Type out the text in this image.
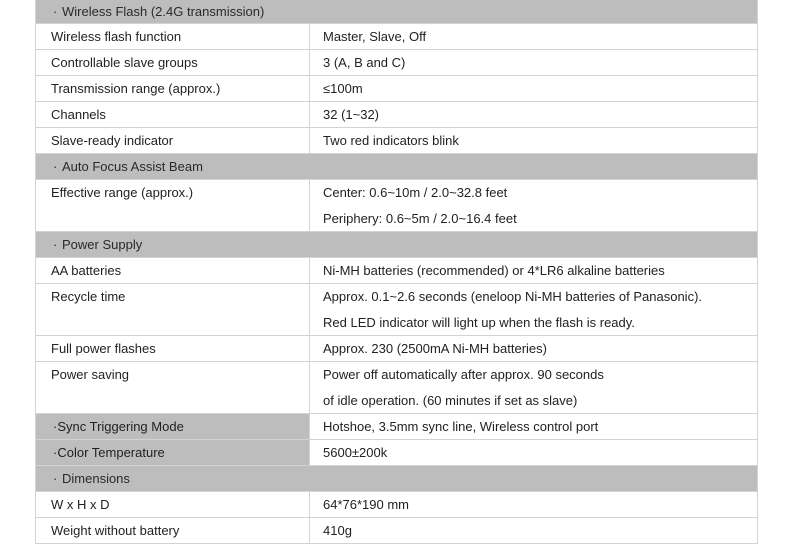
· Wireless Flash (2.4G transmission)
Wireless flash function	Master, Slave, Off
Controllable slave groups	3 (A, B and C)
Transmission range (approx.)	≤100m
Channels	32 (1~32)
Slave-ready indicator	Two red indicators blink
· Auto Focus Assist Beam
Effective range (approx.)	Center: 0.6~10m / 2.0~32.8 feet
Periphery: 0.6~5m / 2.0~16.4 feet
· Power Supply
AA batteries	Ni-MH batteries (recommended) or 4*LR6 alkaline batteries
Recycle time	Approx. 0.1~2.6 seconds (eneloop Ni-MH batteries of Panasonic).
Red LED indicator will light up when the flash is ready.
Full power flashes	Approx. 230 (2500mA Ni-MH batteries)
Power saving	Power off automatically after approx. 90 seconds
of idle operation. (60 minutes if set as slave)
·Sync Triggering Mode	Hotshoe, 3.5mm sync line, Wireless control port
·Color Temperature	5600±200k
· Dimensions
W x H x D	64*76*190 mm
Weight without battery	410g
